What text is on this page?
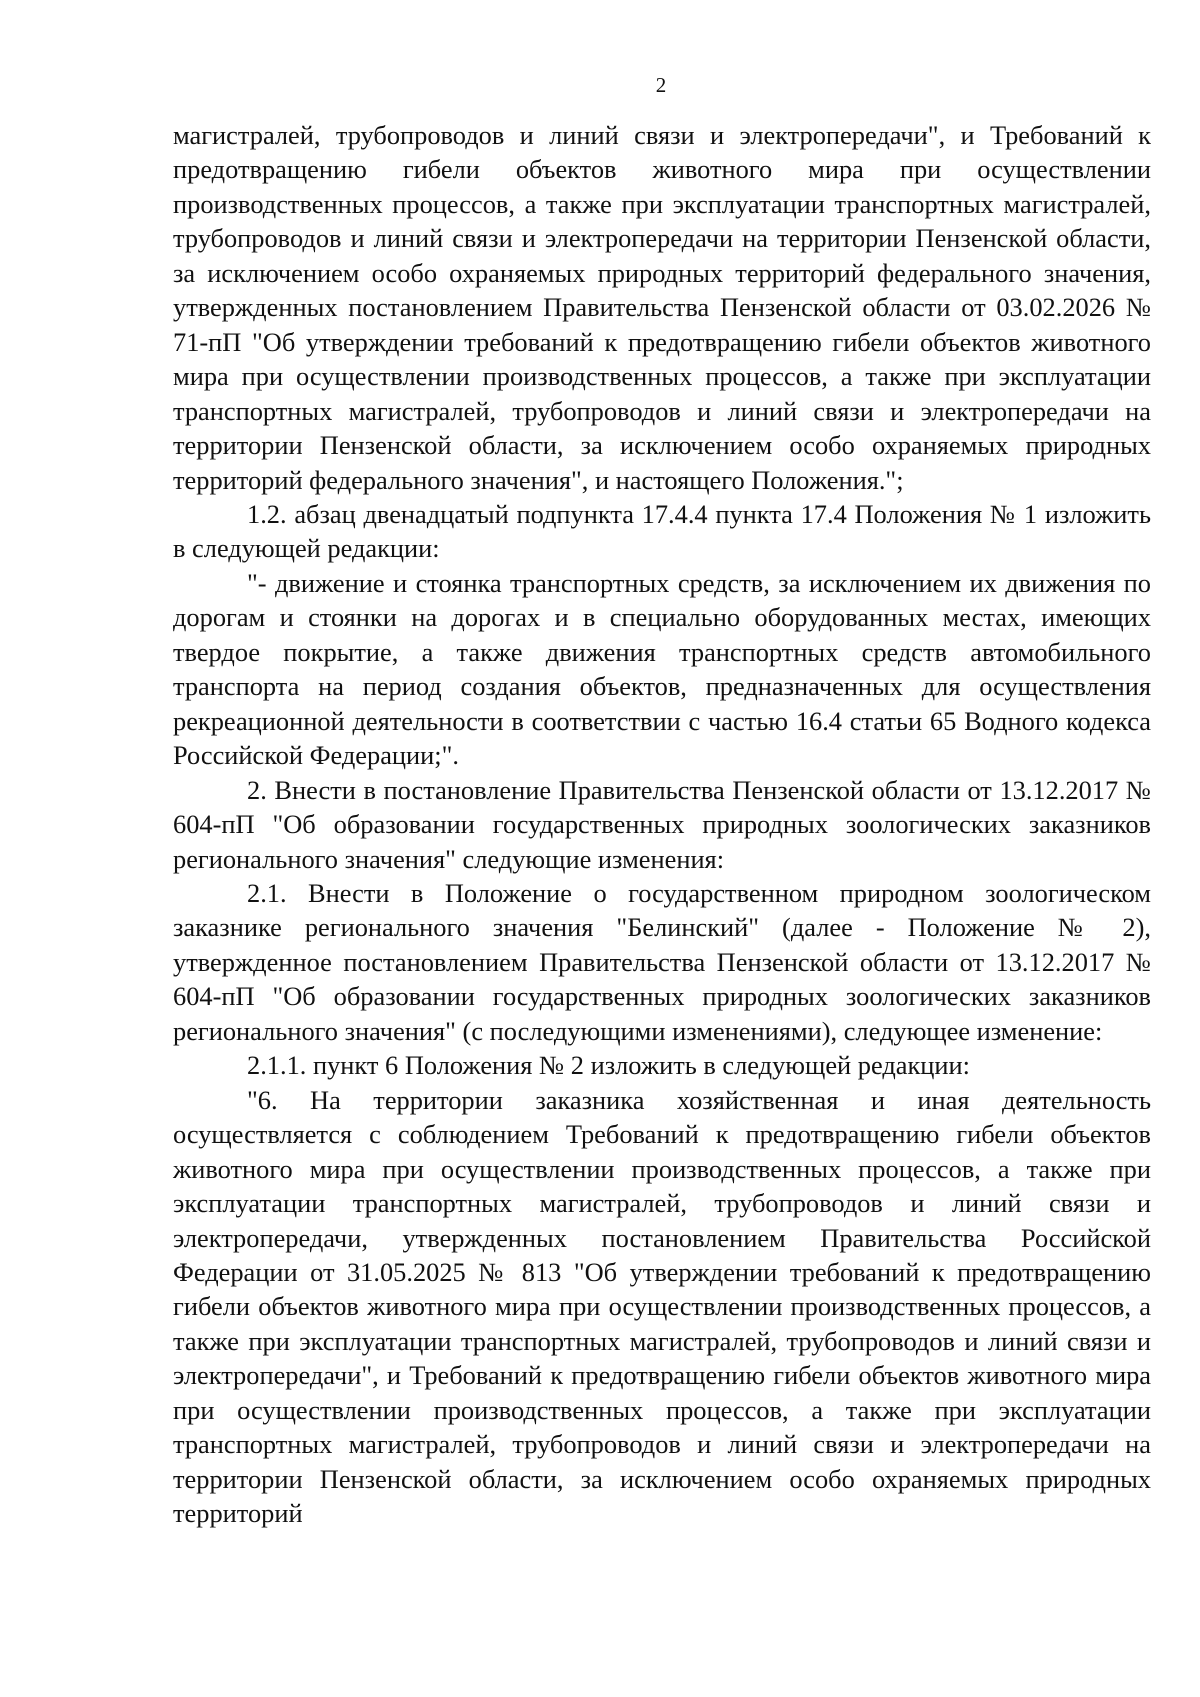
2

магистралей, трубопроводов и линий связи и электропередачи", и Требований к предотвращению гибели объектов животного мира при осуществлении производственных процессов, а также при эксплуатации транспортных магистралей, трубопроводов и линий связи и электропередачи на территории Пензенской области, за исключением особо охраняемых природных территорий федерального значения, утвержденных постановлением Правительства Пензенской области от 03.02.2026 № 71-пП "Об утверждении требований к предотвращению гибели объектов животного мира при осуществлении производственных процессов, а также при эксплуатации транспортных магистралей, трубопроводов и линий связи и электропередачи на территории Пензенской области, за исключением особо охраняемых природных территорий федерального значения", и настоящего Положения.";

1.2. абзац двенадцатый подпункта 17.4.4 пункта 17.4 Положения № 1 изложить в следующей редакции:

"- движение и стоянка транспортных средств, за исключением их движения по дорогам и стоянки на дорогах и в специально оборудованных местах, имеющих твердое покрытие, а также движения транспортных средств автомобильного транспорта на период создания объектов, предназначенных для осуществления рекреационной деятельности в соответствии с частью 16.4 статьи 65 Водного кодекса Российской Федерации;".

2. Внести в постановление Правительства Пензенской области от 13.12.2017 № 604-пП "Об образовании государственных природных зоологических заказников регионального значения" следующие изменения:

2.1. Внести в Положение о государственном природном зоологическом заказнике регионального значения "Белинский" (далее - Положение № 2), утвержденное постановлением Правительства Пензенской области от 13.12.2017 № 604-пП "Об образовании государственных природных зоологических заказников регионального значения" (с последующими изменениями), следующее изменение:

2.1.1. пункт 6 Положения № 2 изложить в следующей редакции:

"6. На территории заказника хозяйственная и иная деятельность осуществляется с соблюдением Требований к предотвращению гибели объектов животного мира при осуществлении производственных процессов, а также при эксплуатации транспортных магистралей, трубопроводов и линий связи и электропередачи, утвержденных постановлением Правительства Российской Федерации от 31.05.2025 № 813 "Об утверждении требований к предотвращению гибели объектов животного мира при осуществлении производственных процессов, а также при эксплуатации транспортных магистралей, трубопроводов и линий связи и электропередачи", и Требований к предотвращению гибели объектов животного мира при осуществлении производственных процессов, а также при эксплуатации транспортных магистралей, трубопроводов и линий связи и электропередачи на территории Пензенской области, за исключением особо охраняемых природных территорий
